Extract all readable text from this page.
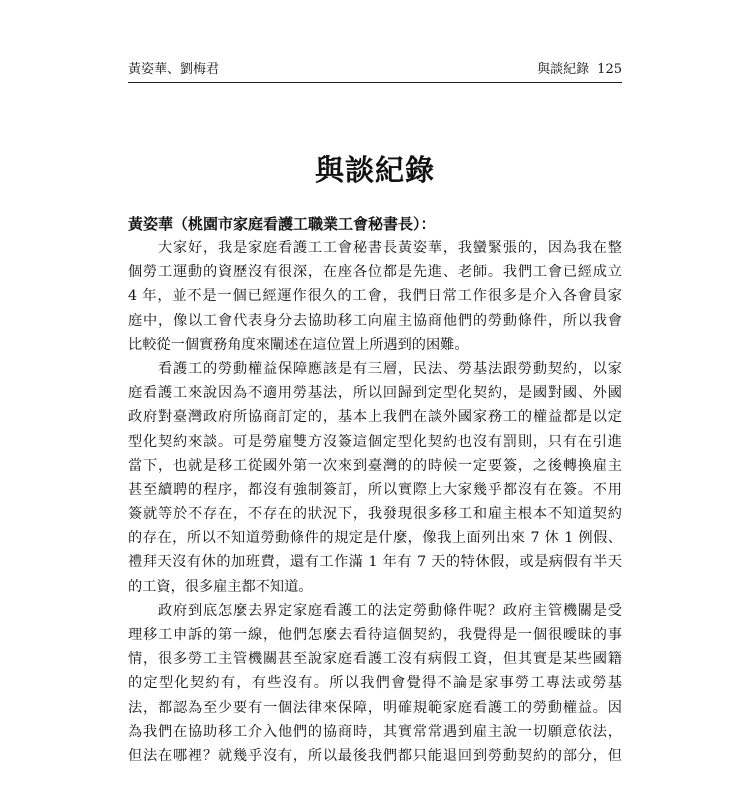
黃姿華、劉梅君	與談紀錄 125
與談紀錄
黃姿華（桃園市家庭看護工職業工會秘書長）：
大家好，我是家庭看護工工會秘書長黃姿華，我蠻緊張的，因為我在整
個勞工運動的資歷沒有很深，在座各位都是先進、老師。我們工會已經成立
4 年，並不是一個已經運作很久的工會，我們日常工作很多是介入各會員家
庭中，像以工會代表身分去協助移工向雇主協商他們的勞動條件，所以我會
比較從一個實務角度來闡述在這位置上所遇到的困難。
看護工的勞動權益保障應該是有三層，民法、勞基法跟勞動契約，以家
庭看護工來說因為不適用勞基法，所以回歸到定型化契約，是國對國、外國
政府對臺灣政府所協商訂定的，基本上我們在談外國家務工的權益都是以定
型化契約來談。可是勞雇雙方沒簽這個定型化契約也沒有罰則，只有在引進
當下，也就是移工從國外第一次來到臺灣的的時候一定要簽，之後轉換雇主
甚至續聘的程序，都沒有強制簽訂，所以實際上大家幾乎都沒有在簽。不用
簽就等於不存在，不存在的狀況下，我發現很多移工和雇主根本不知道契約
的存在，所以不知道勞動條件的規定是什麼，像我上面列出來 7 休 1 例假、
禮拜天沒有休的加班費，還有工作滿 1 年有 7 天的特休假，或是病假有半天
的工資，很多雇主都不知道。
政府到底怎麼去界定家庭看護工的法定勞動條件呢？政府主管機關是受
理移工申訴的第一線，他們怎麼去看待這個契約，我覺得是一個很曖昧的事
情，很多勞工主管機關甚至說家庭看護工沒有病假工資，但其實是某些國籍
的定型化契約有，有些沒有。所以我們會覺得不論是家事勞工專法或勞基
法，都認為至少要有一個法律來保障，明確規範家庭看護工的勞動權益。因
為我們在協助移工介入他們的協商時，其實常常遇到雇主說一切願意依法，
但法在哪裡？就幾乎沒有，所以最後我們都只能退回到勞動契約的部分，但
